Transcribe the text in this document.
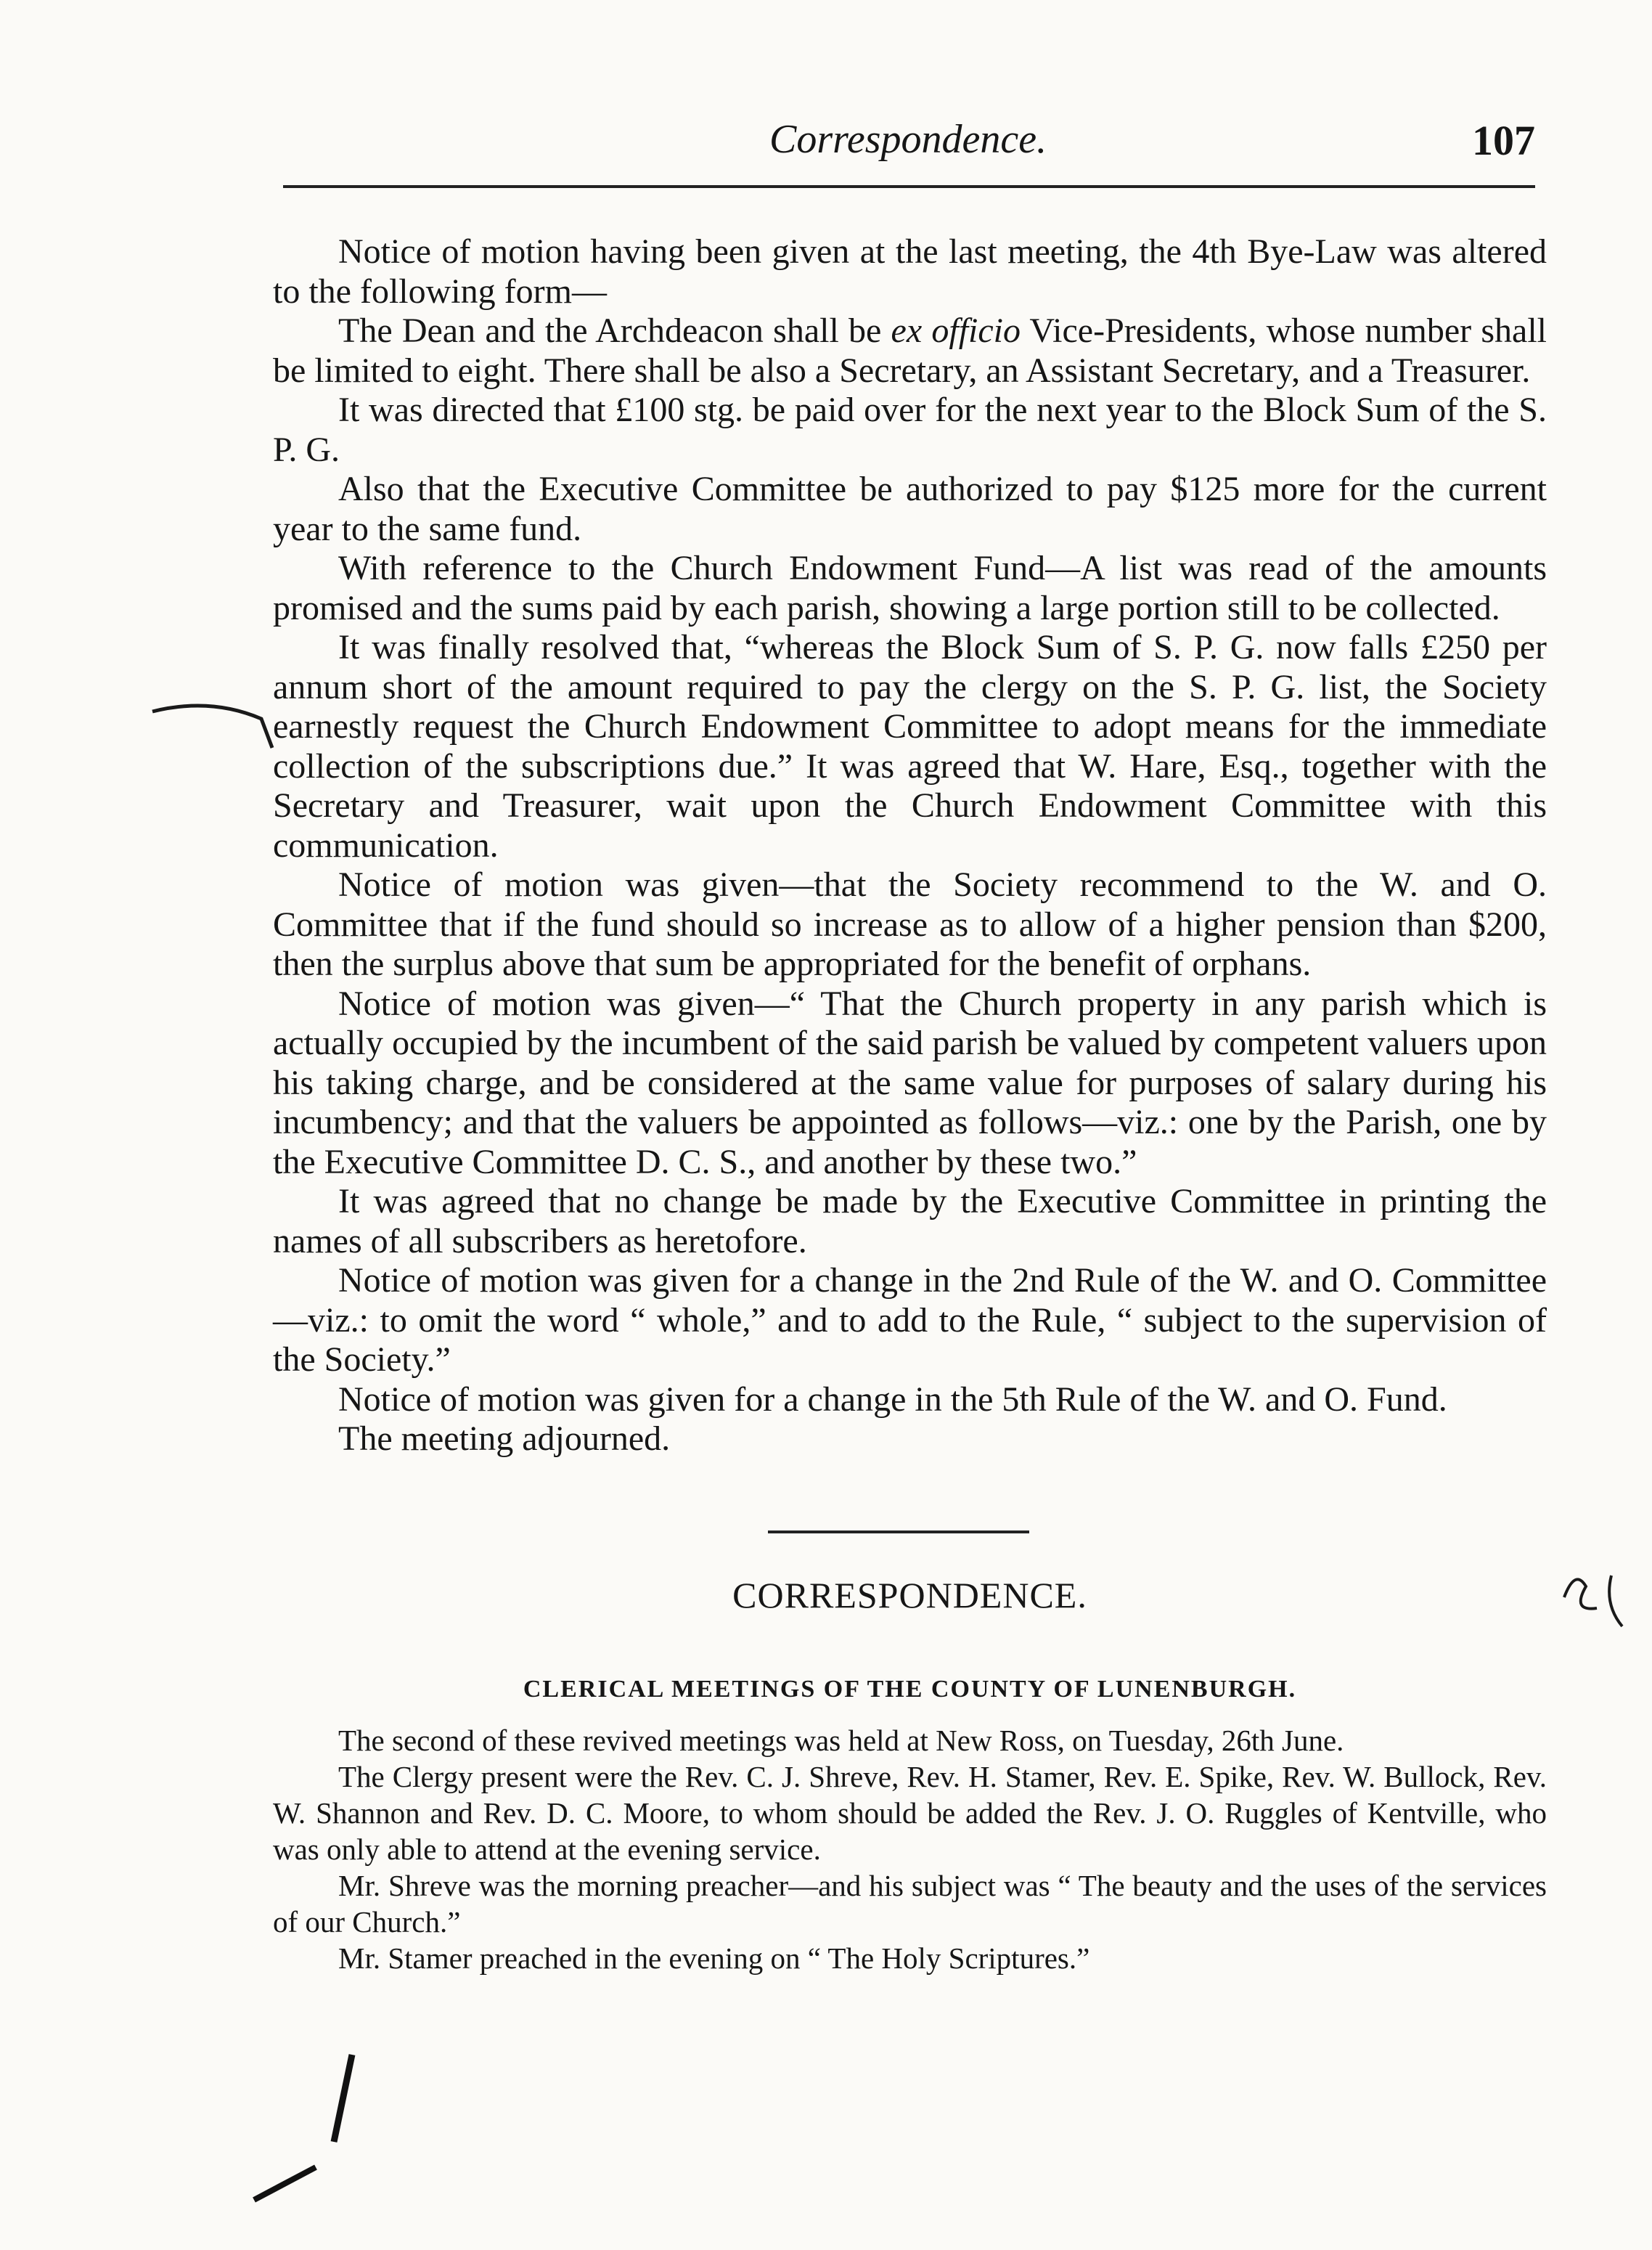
Correspondence.	107

Notice of motion having been given at the last meeting, the 4th Bye-Law was altered to the following form—

The Dean and the Archdeacon shall be ex officio Vice-Presidents, whose number shall be limited to eight. There shall be also a Secretary, an Assistant Secretary, and a Treasurer.

It was directed that £100 stg. be paid over for the next year to the Block Sum of the S. P. G.

Also that the Executive Committee be authorized to pay $125 more for the current year to the same fund.

With reference to the Church Endowment Fund—A list was read of the amounts promised and the sums paid by each parish, showing a large portion still to be collected.

It was finally resolved that, “whereas the Block Sum of S. P. G. now falls £250 per annum short of the amount required to pay the clergy on the S. P. G. list, the Society earnestly request the Church Endowment Committee to adopt means for the immediate collection of the subscriptions due.” It was agreed that W. Hare, Esq., together with the Secretary and Treasurer, wait upon the Church Endowment Committee with this communication.

Notice of motion was given—that the Society recommend to the W. and O. Committee that if the fund should so increase as to allow of a higher pension than $200, then the surplus above that sum be appropriated for the benefit of orphans.

Notice of motion was given—“ That the Church property in any parish which is actually occupied by the incumbent of the said parish be valued by competent valuers upon his taking charge, and be considered at the same value for purposes of salary during his incumbency; and that the valuers be appointed as follows—viz.: one by the Parish, one by the Executive Committee D. C. S., and another by these two.”

It was agreed that no change be made by the Executive Committee in printing the names of all subscribers as heretofore.

Notice of motion was given for a change in the 2nd Rule of the W. and O. Committee—viz.: to omit the word “ whole,” and to add to the Rule, “ subject to the supervision of the Society.”

Notice of motion was given for a change in the 5th Rule of the W. and O. Fund.

The meeting adjourned.

CORRESPONDENCE.
CLERICAL MEETINGS OF THE COUNTY OF LUNENBURGH.

The second of these revived meetings was held at New Ross, on Tuesday, 26th June.

The Clergy present were the Rev. C. J. Shreve, Rev. H. Stamer, Rev. E. Spike, Rev. W. Bullock, Rev. W. Shannon and Rev. D. C. Moore, to whom should be added the Rev. J. O. Ruggles of Kentville, who was only able to attend at the evening service.

Mr. Shreve was the morning preacher—and his subject was “ The beauty and the uses of the services of our Church.”

Mr. Stamer preached in the evening on “ The Holy Scriptures.”
